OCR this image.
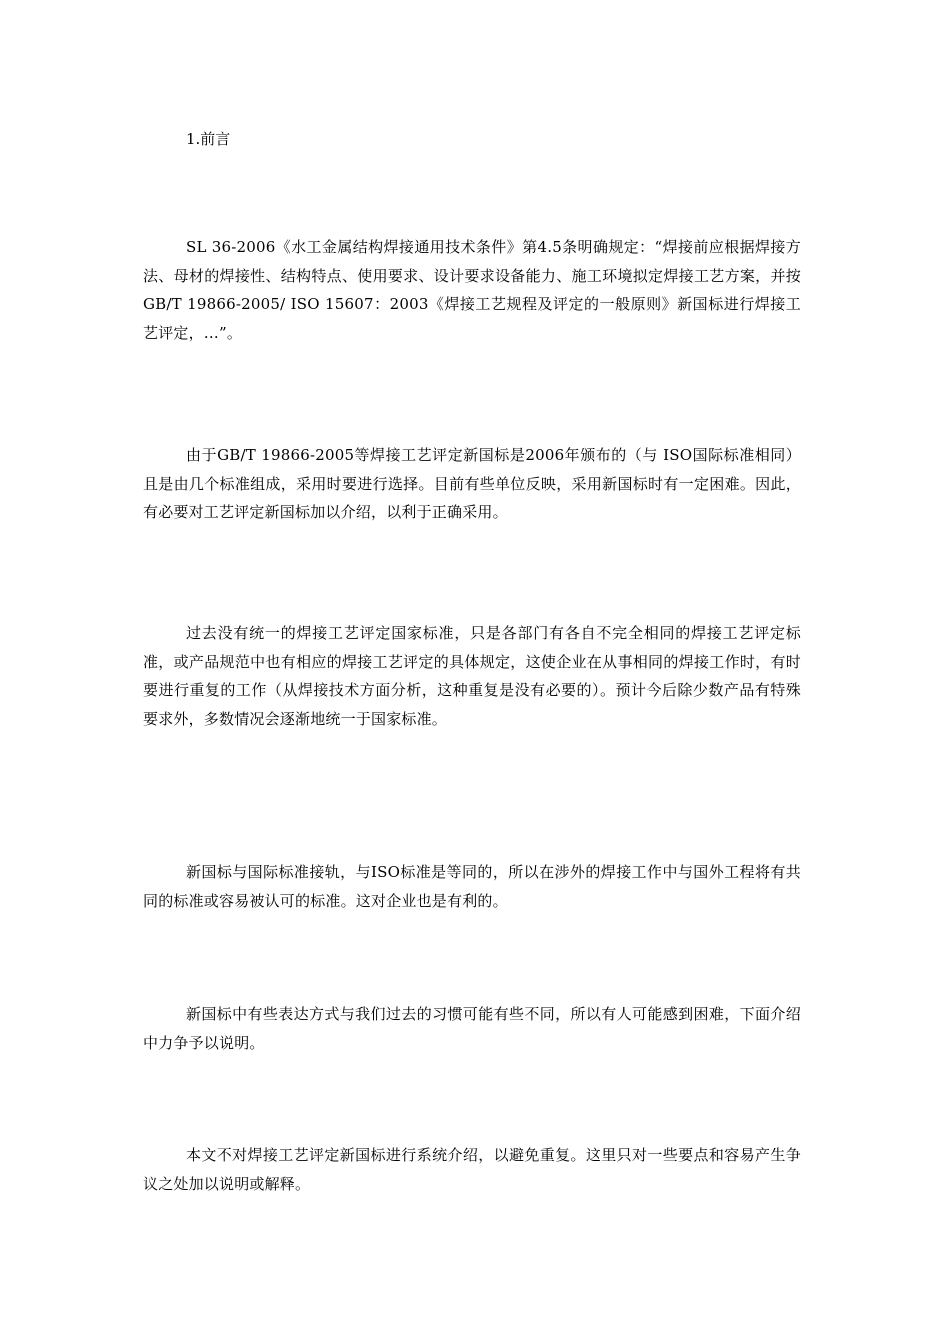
1.前言

SL 36-2006《水工金属结构焊接通用技术条件》第4.5条明确规定：“焊接前应根据焊接方法、母材的焊接性、结构特点、使用要求、设计要求设备能力、施工环境拟定焊接工艺方案，并按GB/T 19866-2005/ ISO 15607：2003《焊接工艺规程及评定的一般原则》新国标进行焊接工艺评定，…”。

由于GB/T 19866-2005等焊接工艺评定新国标是2006年颁布的（与 ISO国际标准相同）且是由几个标准组成，采用时要进行选择。目前有些单位反映，采用新国标时有一定困难。因此，有必要对工艺评定新国标加以介绍，以利于正确采用。

过去没有统一的焊接工艺评定国家标准，只是各部门有各自不完全相同的焊接工艺评定标准，或产品规范中也有相应的焊接工艺评定的具体规定，这使企业在从事相同的焊接工作时，有时要进行重复的工作（从焊接技术方面分析，这种重复是没有必要的）。预计今后除少数产品有特殊要求外，多数情况会逐渐地统一于国家标准。

新国标与国际标准接轨，与ISO标准是等同的，所以在涉外的焊接工作中与国外工程将有共同的标准或容易被认可的标准。这对企业也是有利的。

新国标中有些表达方式与我们过去的习惯可能有些不同，所以有人可能感到困难，下面介绍中力争予以说明。

本文不对焊接工艺评定新国标进行系统介绍，以避免重复。这里只对一些要点和容易产生争议之处加以说明或解释。
